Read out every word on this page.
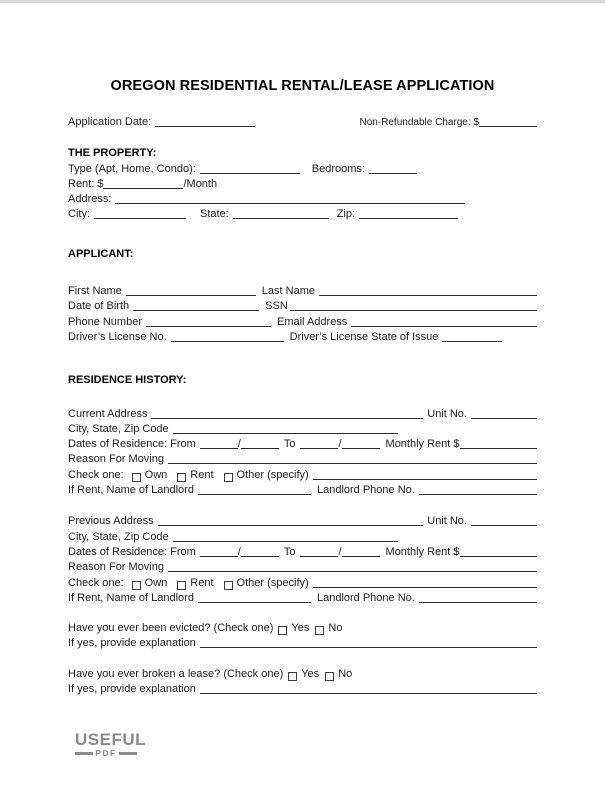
OREGON RESIDENTIAL RENTAL/LEASE APPLICATION
Application Date:	Non-Refundable Charge: $
THE PROPERTY:
Type (Apt, Home, Condo):	Bedrooms:
Rent: $	/Month
Address:
City:	State:	Zip:
APPLICANT:
First Name	Last Name
Date of Birth	SSN
Phone Number	Email Address
Driver’s License No.	Driver’s License State of Issue
RESIDENCE HISTORY:
Current Address	Unit No.
City, State, Zip Code
Dates of Residence: From	/	To	/	Monthly Rent $
Reason For Moving
Check one: Own Rent Other (specify)
If Rent, Name of Landlord	Landlord Phone No.
Previous Address	Unit No.
City, State, Zip Code
Dates of Residence: From	/	To	/	Monthly Rent $
Reason For Moving
Check one: Own Rent Other (specify)
If Rent, Name of Landlord	Landlord Phone No.
Have you ever been evicted? (Check one) Yes No
If yes, provide explanation
Have you ever broken a lease? (Check one) Yes No
If yes, provide explanation
USEFUL
PDF
